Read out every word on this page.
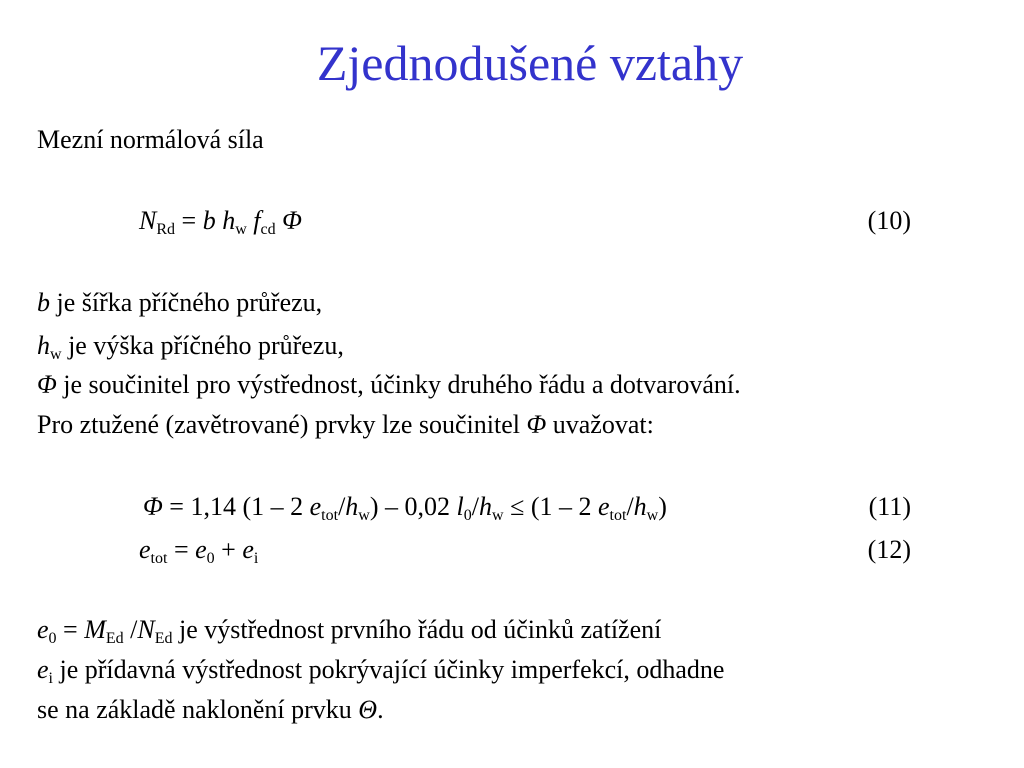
Zjednodušené vztahy
Mezní normálová síla
$N_{Rd} = b$ $h_w$ $f_{cd}$ Φ	(10)
b je šířka příčného průřezu,
$h_w$ je výška příčného průřezu,
Φ je součinitel pro výstřednost, účinky druhého řádu a dotvarování.
Pro ztužené (zavětrované) prvky lze součinitel Φ uvažovat:
Φ = 1,14 (1 – 2 $e_{tot}/h_w) - 0,02$ $l_0/h_w \le (1 - 2$ $e_{tot}/h_w$)	(11)
$e_{tot} = e_0 + e_i$	(12)
$e_0 = M_{Ed}$ $/N_{Ed}$ je výstřednost prvního řádu od účinků zatížení
$e_i$ je přídavná výstřednost pokrývající účinky imperfekcí, odhadne
se na základě naklonění prvku Θ.
